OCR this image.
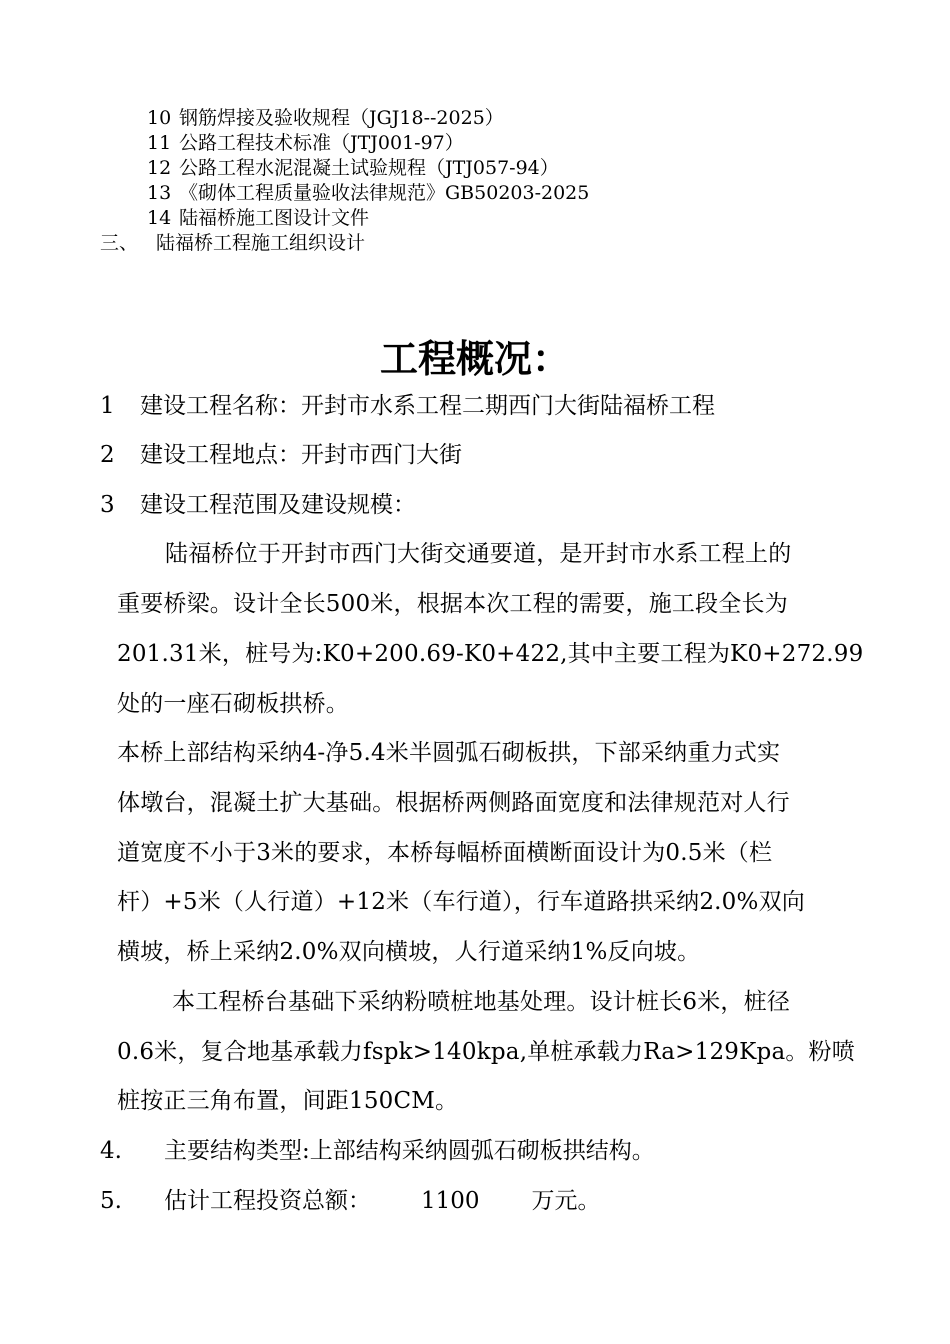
10 钢筋焊接及验收规程（JGJ18--2025）
11 公路工程技术标准（JTJ001-97）
12 公路工程水泥混凝土试验规程（JTJ057-94）
13 《砌体工程质量验收法律规范》GB50203-2025
14 陆福桥施工图设计文件
三、 陆福桥工程施工组织设计
工程概况：
1 建设工程名称：开封市水系工程二期西门大街陆福桥工程
2 建设工程地点：开封市西门大街
3 建设工程范围及建设规模：
陆福桥位于开封市西门大街交通要道，是开封市水系工程上的
重要桥梁。设计全长500米，根据本次工程的需要，施工段全长为
201.31米，桩号为:K0+200.69-K0+422,其中主要工程为K0+272.99
处的一座石砌板拱桥。
本桥上部结构采纳4-净5.4米半圆弧石砌板拱，下部采纳重力式实
体墩台，混凝土扩大基础。根据桥两侧路面宽度和法律规范对人行
道宽度不小于3米的要求，本桥每幅桥面横断面设计为0.5米（栏
杆）+5米（人行道）+12米（车行道），行车道路拱采纳2.0%双向
横坡，桥上采纳2.0%双向横坡，人行道采纳1%反向坡。
本工程桥台基础下采纳粉喷桩地基处理。设计桩长6米，桩径
0.6米，复合地基承载力fspk>140kpa,单桩承载力Ra>129Kpa。粉喷
桩按正三角布置，间距150CM。
4. 主要结构类型:上部结构采纳圆弧石砌板拱结构。
5. 估计工程投资总额： 1100 万元。
